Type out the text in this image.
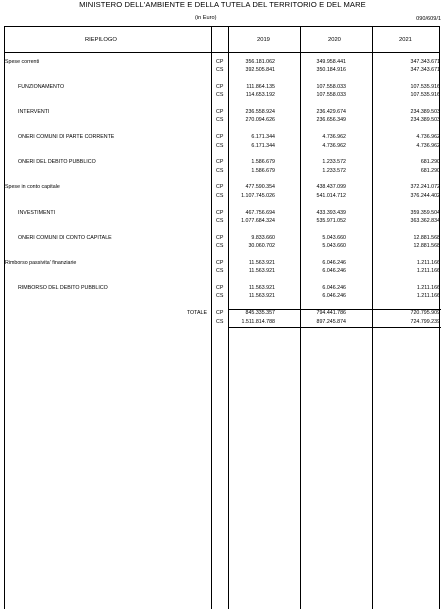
MINISTERO DELL'AMBIENTE E DELLA TUTELA DEL TERRITORIO E DEL MARE
(in Euro)	090/609/1
RIEPILOGO	2019	2020	2021
Spese correnti	CP	356.181.062	349.958.441	347.343.671
CS	392.505.841	350.184.916	347.343.671
FUNZIONAMENTO	CP	111.864.135	107.558.033	107.535.916
CS	114.653.192	107.558.033	107.535.916
INTERVENTI	CP	236.558.924	236.429.674	234.389.503
CS	270.094.626	236.656.349	234.389.503
ONERI COMUNI DI PARTE CORRENTE	CP	6.171.344	4.736.962	4.736.962
CS	6.171.344	4.736.962	4.736.962
ONERI DEL DEBITO PUBBLICO	CP	1.586.679	1.233.572	681.290
CS	1.586.679	1.233.572	681.290
Spese in conto capitale	CP	477.590.354	438.437.099	372.241.072
CS	1.107.745.026	541.014.712	376.244.402
INVESTIMENTI	CP	467.756.694	433.393.439	359.359.504
CS	1.077.684.324	535.971.052	363.362.834
ONERI COMUNI DI CONTO CAPITALE	CP	9.833.660	5.043.660	12.881.568
CS	30.060.702	5.043.660	12.881.568
Rimborso passivita' finanziarie	CP	11.563.921	6.046.246	1.211.166
CS	11.563.921	6.046.246	1.211.166
RIMBORSO DEL DEBITO PUBBLICO	CP	11.563.921	6.046.246	1.211.166
CS	11.563.921	6.046.246	1.211.166
TOTALE CP	845.335.357	794.441.786	720.795.909
CS	1.511.814.788	897.245.874	724.799.239
